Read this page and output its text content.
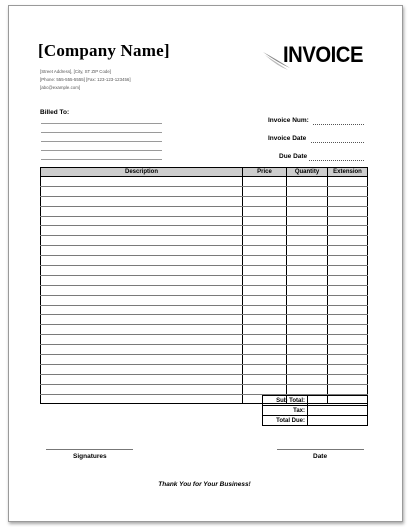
[Company Name]
[Street Address], [City, ST ZIP Code]
[Phone: 555-555-5555] [Fax: 123-123-123456]
[abc@example.com]
INVOICE
Billed To:
Invoice Num:
Invoice Date
Due Date
Description	Price	Quantity	Extension

Sub Total:	
Tax:	
Total Due:	
Signatures	Date
Thank You for Your Business!
